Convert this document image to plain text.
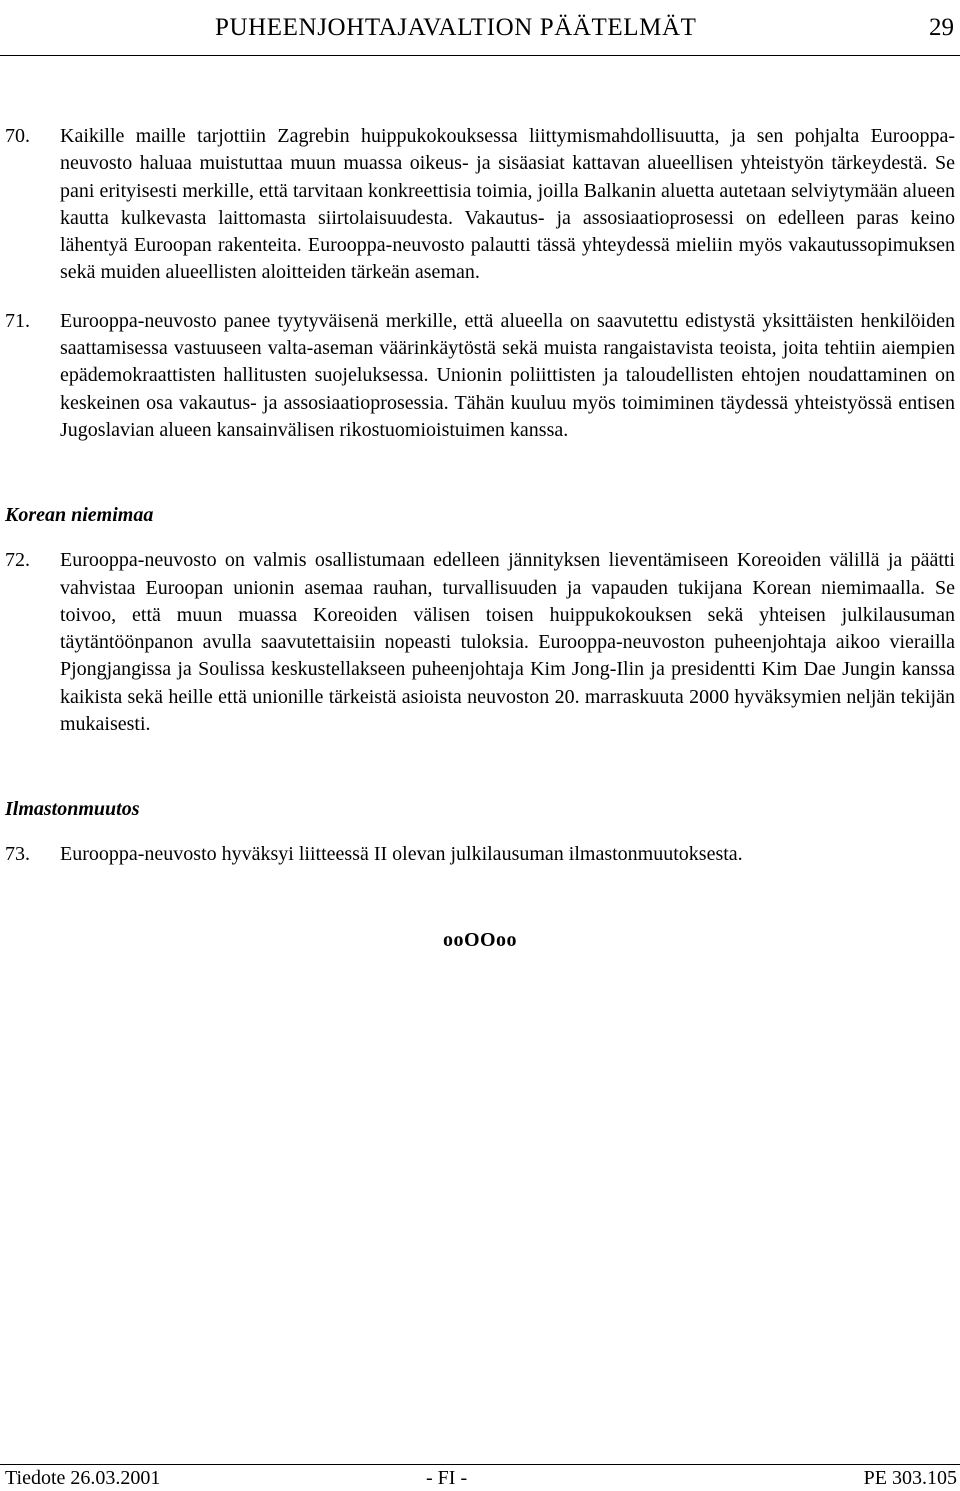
PUHEENJOHTAJAVALTION PÄÄTELMÄT	29
70.	Kaikille maille tarjottiin Zagrebin huippukokouksessa liittymismahdollisuutta, ja sen pohjalta Eurooppa-neuvosto haluaa muistuttaa muun muassa oikeus- ja sisäasiat kattavan alueellisen yhteistyön tärkeydestä. Se pani erityisesti merkille, että tarvitaan konkreettisia toimia, joilla Balkanin aluetta autetaan selviytymään alueen kautta kulkevasta laittomasta siirtolaisuudesta. Vakautus- ja assosiaatioprosessi on edelleen paras keino lähentyä Euroopan rakenteita. Eurooppa-neuvosto palautti tässä yhteydessä mieliin myös vakautussopimuksen sekä muiden alueellisten aloitteiden tärkeän aseman.
71.	Eurooppa-neuvosto panee tyytyväisenä merkille, että alueella on saavutettu edistystä yksittäisten henkilöiden saattamisessa vastuuseen valta-aseman väärinkäytöstä sekä muista rangaistavista teoista, joita tehtiin aiempien epädemokraattisten hallitusten suojeluksessa. Unionin poliittisten ja taloudellisten ehtojen noudattaminen on keskeinen osa vakautus- ja assosiaatioprosessia. Tähän kuuluu myös toimiminen täydessä yhteistyössä entisen Jugoslavian alueen kansainvälisen rikostuomioistuimen kanssa.
Korean niemimaa
72.	Eurooppa-neuvosto on valmis osallistumaan edelleen jännityksen lieventämiseen Koreoiden välillä ja päätti vahvistaa Euroopan unionin asemaa rauhan, turvallisuuden ja vapauden tukijana Korean niemimaalla. Se toivoo, että muun muassa Koreoiden välisen toisen huippukokouksen sekä yhteisen julkilausuman täytäntöönpanon avulla saavutettaisiin nopeasti tuloksia. Eurooppa-neuvoston puheenjohtaja aikoo vierailla Pjongjangissa ja Soulissa keskustellakseen puheenjohtaja Kim Jong-Ilin ja presidentti Kim Dae Jungin kanssa kaikista sekä heille että unionille tärkeistä asioista neuvoston 20. marraskuuta 2000 hyväksymien neljän tekijän mukaisesti.
Ilmastonmuutos
73.	Eurooppa-neuvosto hyväksyi liitteessä II olevan julkilausuman ilmastonmuutoksesta.
ooOOoo
Tiedote 26.03.2001	- FI -	PE 303.105
